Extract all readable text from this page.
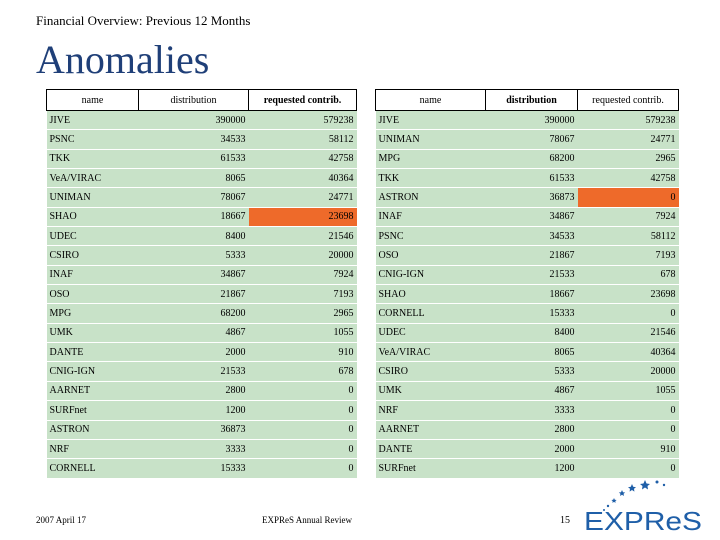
Financial Overview: Previous 12 Months
Anomalies
name	distribution	requested contrib.
JIVE	390000	579238
PSNC	34533	58112
TKK	61533	42758
VeA/VIRAC	8065	40364
UNIMAN	78067	24771
SHAO	18667	23698
UDEC	8400	21546
CSIRO	5333	20000
INAF	34867	7924
OSO	21867	7193
MPG	68200	2965
UMK	4867	1055
DANTE	2000	910
CNIG-IGN	21533	678
AARNET	2800	0
SURFnet	1200	0
ASTRON	36873	0
NRF	3333	0
CORNELL	15333	0
name	distribution	requested contrib.
JIVE	390000	579238
UNIMAN	78067	24771
MPG	68200	2965
TKK	61533	42758
ASTRON	36873	0
INAF	34867	7924
PSNC	34533	58112
OSO	21867	7193
CNIG-IGN	21533	678
SHAO	18667	23698
CORNELL	15333	0
UDEC	8400	21546
VeA/VIRAC	8065	40364
CSIRO	5333	20000
UMK	4867	1055
NRF	3333	0
AARNET	2800	0
DANTE	2000	910
SURFnet	1200	0
2007 April 17	EXPReS Annual Review	15 EXPReS
